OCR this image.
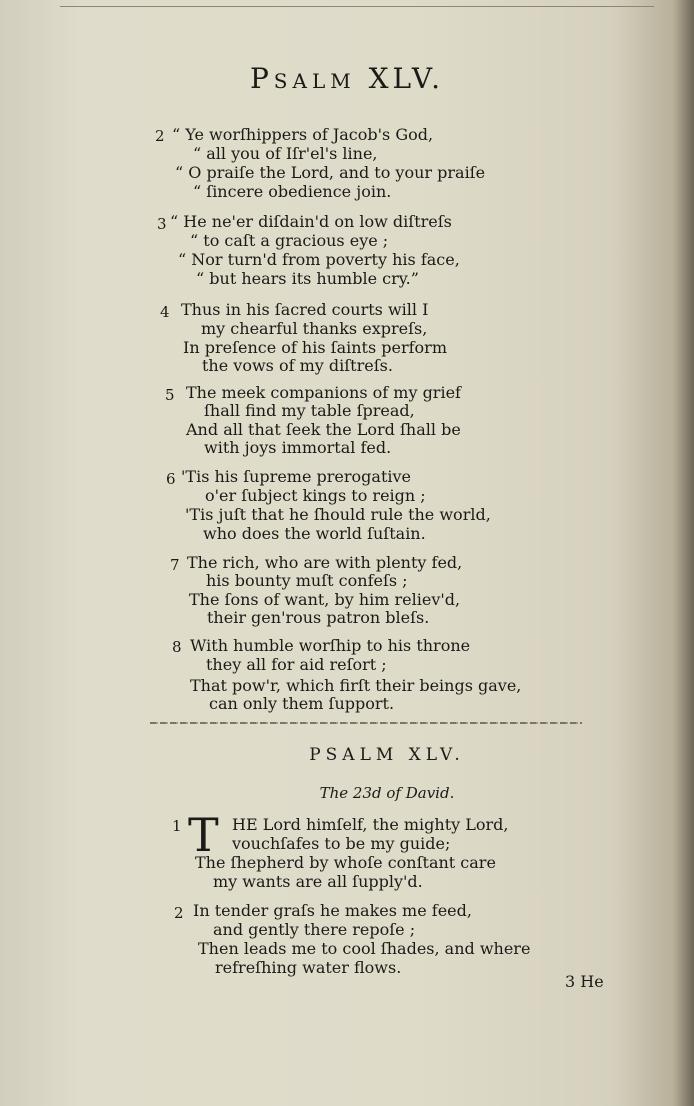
Psalm XLV.
2 “ Ye worſhippers of Jacob's God,
“ all you of Iſr'el's line,
“ O praiſe the Lord, and to your praiſe
“ ſincere obedience join.
3 “ He ne'er diſdain'd on low diſtreſs
“ to caſt a gracious eye ;
“ Nor turn'd from poverty his face,
“ but hears its humble cry.”
4 Thus in his ſacred courts will I
my chearful thanks expreſs,
In preſence of his ſaints perform
the vows of my diſtreſs.
5 The meek companions of my grief
ſhall find my table ſpread,
And all that ſeek the Lord ſhall be
with joys immortal fed.
6 'Tis his ſupreme prerogative
o'er ſubject kings to reign ;
'Tis juſt that he ſhould rule the world,
who does the world ſuſtain.
7 The rich, who are with plenty fed,
his bounty muſt confeſs ;
The ſons of want, by him reliev'd,
their gen'rous patron bleſs.
8 With humble worſhip to his throne
they all for aid reſort ;
That pow'r, which firſt their beings gave,
can only them ſupport.
PSALM XLV.
The 23d of David.
1 T HE Lord himſelf, the mighty Lord,
vouchſafes to be my guide;
The ſhepherd by whoſe conſtant care
my wants are all ſupply'd.
2 In tender graſs he makes me feed,
and gently there repoſe ;
Then leads me to cool ſhades, and where
refreſhing water flows.
3 He
